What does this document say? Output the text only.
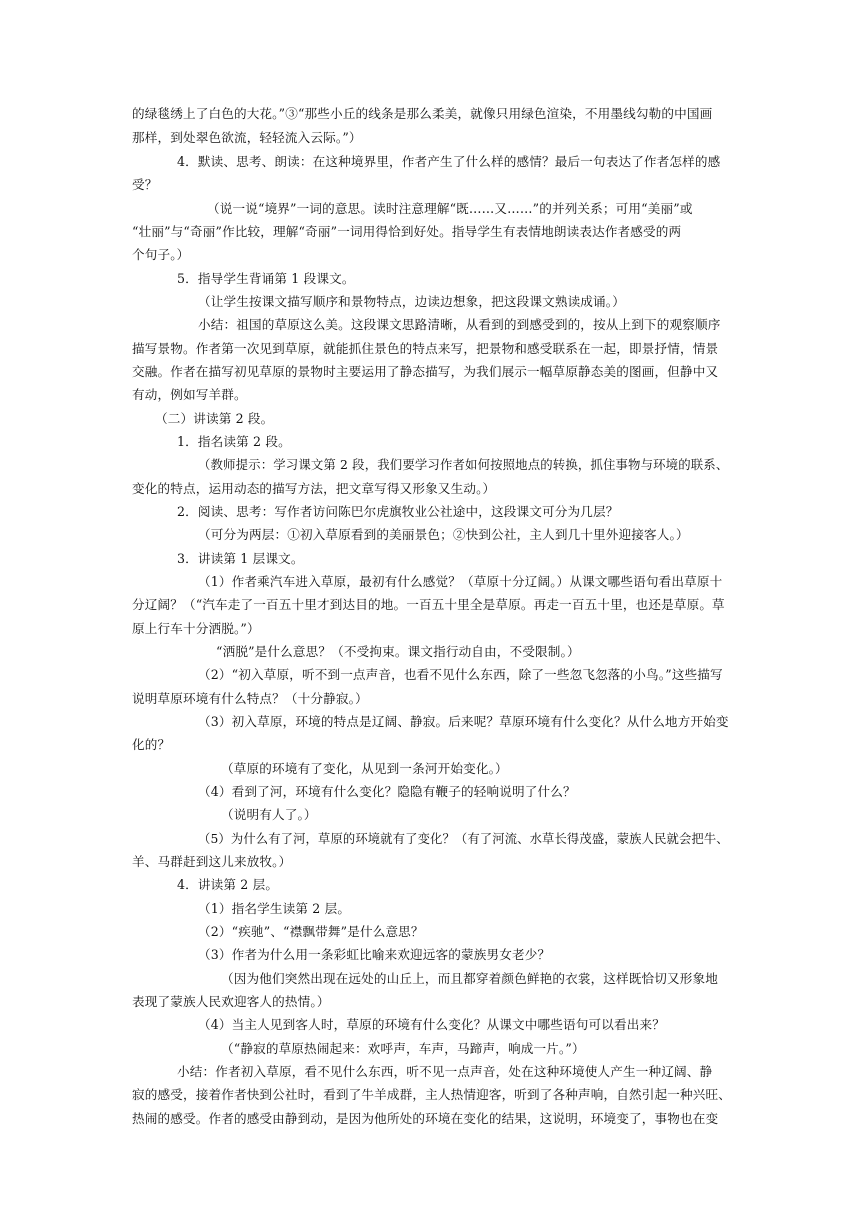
的绿毯绣上了白色的大花。”③“那些小丘的线条是那么柔美，就像只用绿色渲染，不用墨线勾勒的中国画
那样，到处翠色欲流，轻轻流入云际。”）
4．默读、思考、朗读：在这种境界里，作者产生了什么样的感情？最后一句表达了作者怎样的感
受？
（说一说“境界”一词的意思。读时注意理解“既……又……”的并列关系；可用“美丽”或
“壮丽”与“奇丽”作比较，理解“奇丽”一词用得恰到好处。指导学生有表情地朗读表达作者感受的两
个句子。）
5．指导学生背诵第 1 段课文。
（让学生按课文描写顺序和景物特点，边读边想象，把这段课文熟读成诵。）
小结：祖国的草原这么美。这段课文思路清晰，从看到的到感受到的，按从上到下的观察顺序
描写景物。作者第一次见到草原，就能抓住景色的特点来写，把景物和感受联系在一起，即景抒情，情景
交融。作者在描写初见草原的景物时主要运用了静态描写，为我们展示一幅草原静态美的图画，但静中又
有动，例如写羊群。
（二）讲读第 2 段。
1．指名读第 2 段。
（教师提示：学习课文第 2 段，我们要学习作者如何按照地点的转换，抓住事物与环境的联系、
变化的特点，运用动态的描写方法，把文章写得又形象又生动。）
2．阅读、思考：写作者访问陈巴尔虎旗牧业公社途中，这段课文可分为几层？
（可分为两层：①初入草原看到的美丽景色；②快到公社，主人到几十里外迎接客人。）
3．讲读第 1 层课文。
（1）作者乘汽车进入草原，最初有什么感觉？（草原十分辽阔。）从课文哪些语句看出草原十
分辽阔？（“汽车走了一百五十里才到达目的地。一百五十里全是草原。再走一百五十里，也还是草原。草
原上行车十分洒脱。”）
“洒脱”是什么意思？（不受拘束。课文指行动自由，不受限制。）
（2）“初入草原，听不到一点声音，也看不见什么东西，除了一些忽飞忽落的小鸟。”这些描写
说明草原环境有什么特点？（十分静寂。）
（3）初入草原，环境的特点是辽阔、静寂。后来呢？草原环境有什么变化？从什么地方开始变
化的？
（草原的环境有了变化，从见到一条河开始变化。）
（4）看到了河，环境有什么变化？隐隐有鞭子的轻响说明了什么？
（说明有人了。）
（5）为什么有了河，草原的环境就有了变化？（有了河流、水草长得茂盛，蒙族人民就会把牛、
羊、马群赶到这儿来放牧。）
4．讲读第 2 层。
（1）指名学生读第 2 层。
（2）“疾驰”、“襟飘带舞”是什么意思？
（3）作者为什么用一条彩虹比喻来欢迎远客的蒙族男女老少？
（因为他们突然出现在远处的山丘上，而且都穿着颜色鲜艳的衣裳，这样既恰切又形象地
表现了蒙族人民欢迎客人的热情。）
（4）当主人见到客人时，草原的环境有什么变化？从课文中哪些语句可以看出来？
（“静寂的草原热闹起来：欢呼声，车声，马蹄声，响成一片。”）
小结：作者初入草原，看不见什么东西，听不见一点声音，处在这种环境使人产生一种辽阔、静
寂的感受，接着作者快到公社时，看到了牛羊成群，主人热情迎客，听到了各种声响，自然引起一种兴旺、
热闹的感受。作者的感受由静到动，是因为他所处的环境在变化的结果，这说明，环境变了，事物也在变
